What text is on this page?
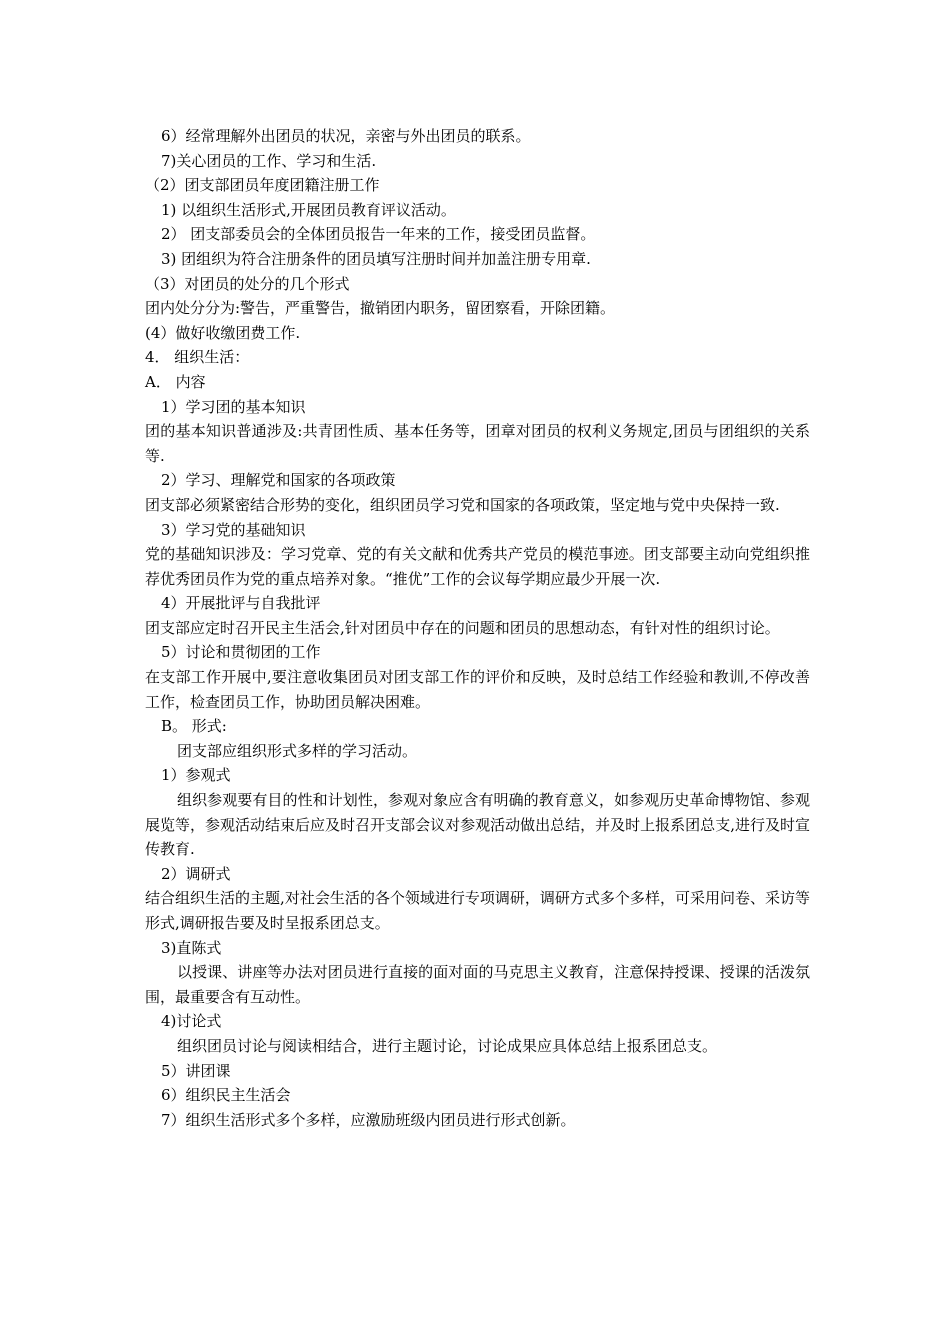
6）经常理解外出团员的状况，亲密与外出团员的联系。
7)关心团员的工作、学习和生活.
（2）团支部团员年度团籍注册工作
1) 以组织生活形式,开展团员教育评议活动。
2） 团支部委员会的全体团员报告一年来的工作，接受团员监督。
3) 团组织为符合注册条件的团员填写注册时间并加盖注册专用章.
（3）对团员的处分的几个形式
团内处分分为:警告，严重警告，撤销团内职务，留团察看，开除团籍。
(4）做好收缴团费工作.
4． 组织生活：
A． 内容
1）学习团的基本知识
团的基本知识普通涉及:共青团性质、基本任务等，团章对团员的权利义务规定,团员与团组织的关系等.
2）学习、理解党和国家的各项政策
团支部必须紧密结合形势的变化，组织团员学习党和国家的各项政策，坚定地与党中央保持一致.
3）学习党的基础知识
党的基础知识涉及：学习党章、党的有关文献和优秀共产党员的模范事迹。团支部要主动向党组织推荐优秀团员作为党的重点培养对象。“推优”工作的会议每学期应最少开展一次.
4）开展批评与自我批评
团支部应定时召开民主生活会,针对团员中存在的问题和团员的思想动态，有针对性的组织讨论。
5）讨论和贯彻团的工作
在支部工作开展中,要注意收集团员对团支部工作的评价和反映，及时总结工作经验和教训,不停改善工作，检查团员工作，协助团员解决困难。
B。 形式:
团支部应组织形式多样的学习活动。
1）参观式
组织参观要有目的性和计划性，参观对象应含有明确的教育意义，如参观历史革命博物馆、参观展览等，参观活动结束后应及时召开支部会议对参观活动做出总结，并及时上报系团总支,进行及时宣传教育.
2）调研式
结合组织生活的主题,对社会生活的各个领域进行专项调研，调研方式多个多样，可采用问卷、采访等形式,调研报告要及时呈报系团总支。
3)直陈式
以授课、讲座等办法对团员进行直接的面对面的马克思主义教育，注意保持授课、授课的活泼氛围，最重要含有互动性。
4)讨论式
组织团员讨论与阅读相结合，进行主题讨论，讨论成果应具体总结上报系团总支。
5）讲团课
6）组织民主生活会
7）组织生活形式多个多样，应激励班级内团员进行形式创新。
